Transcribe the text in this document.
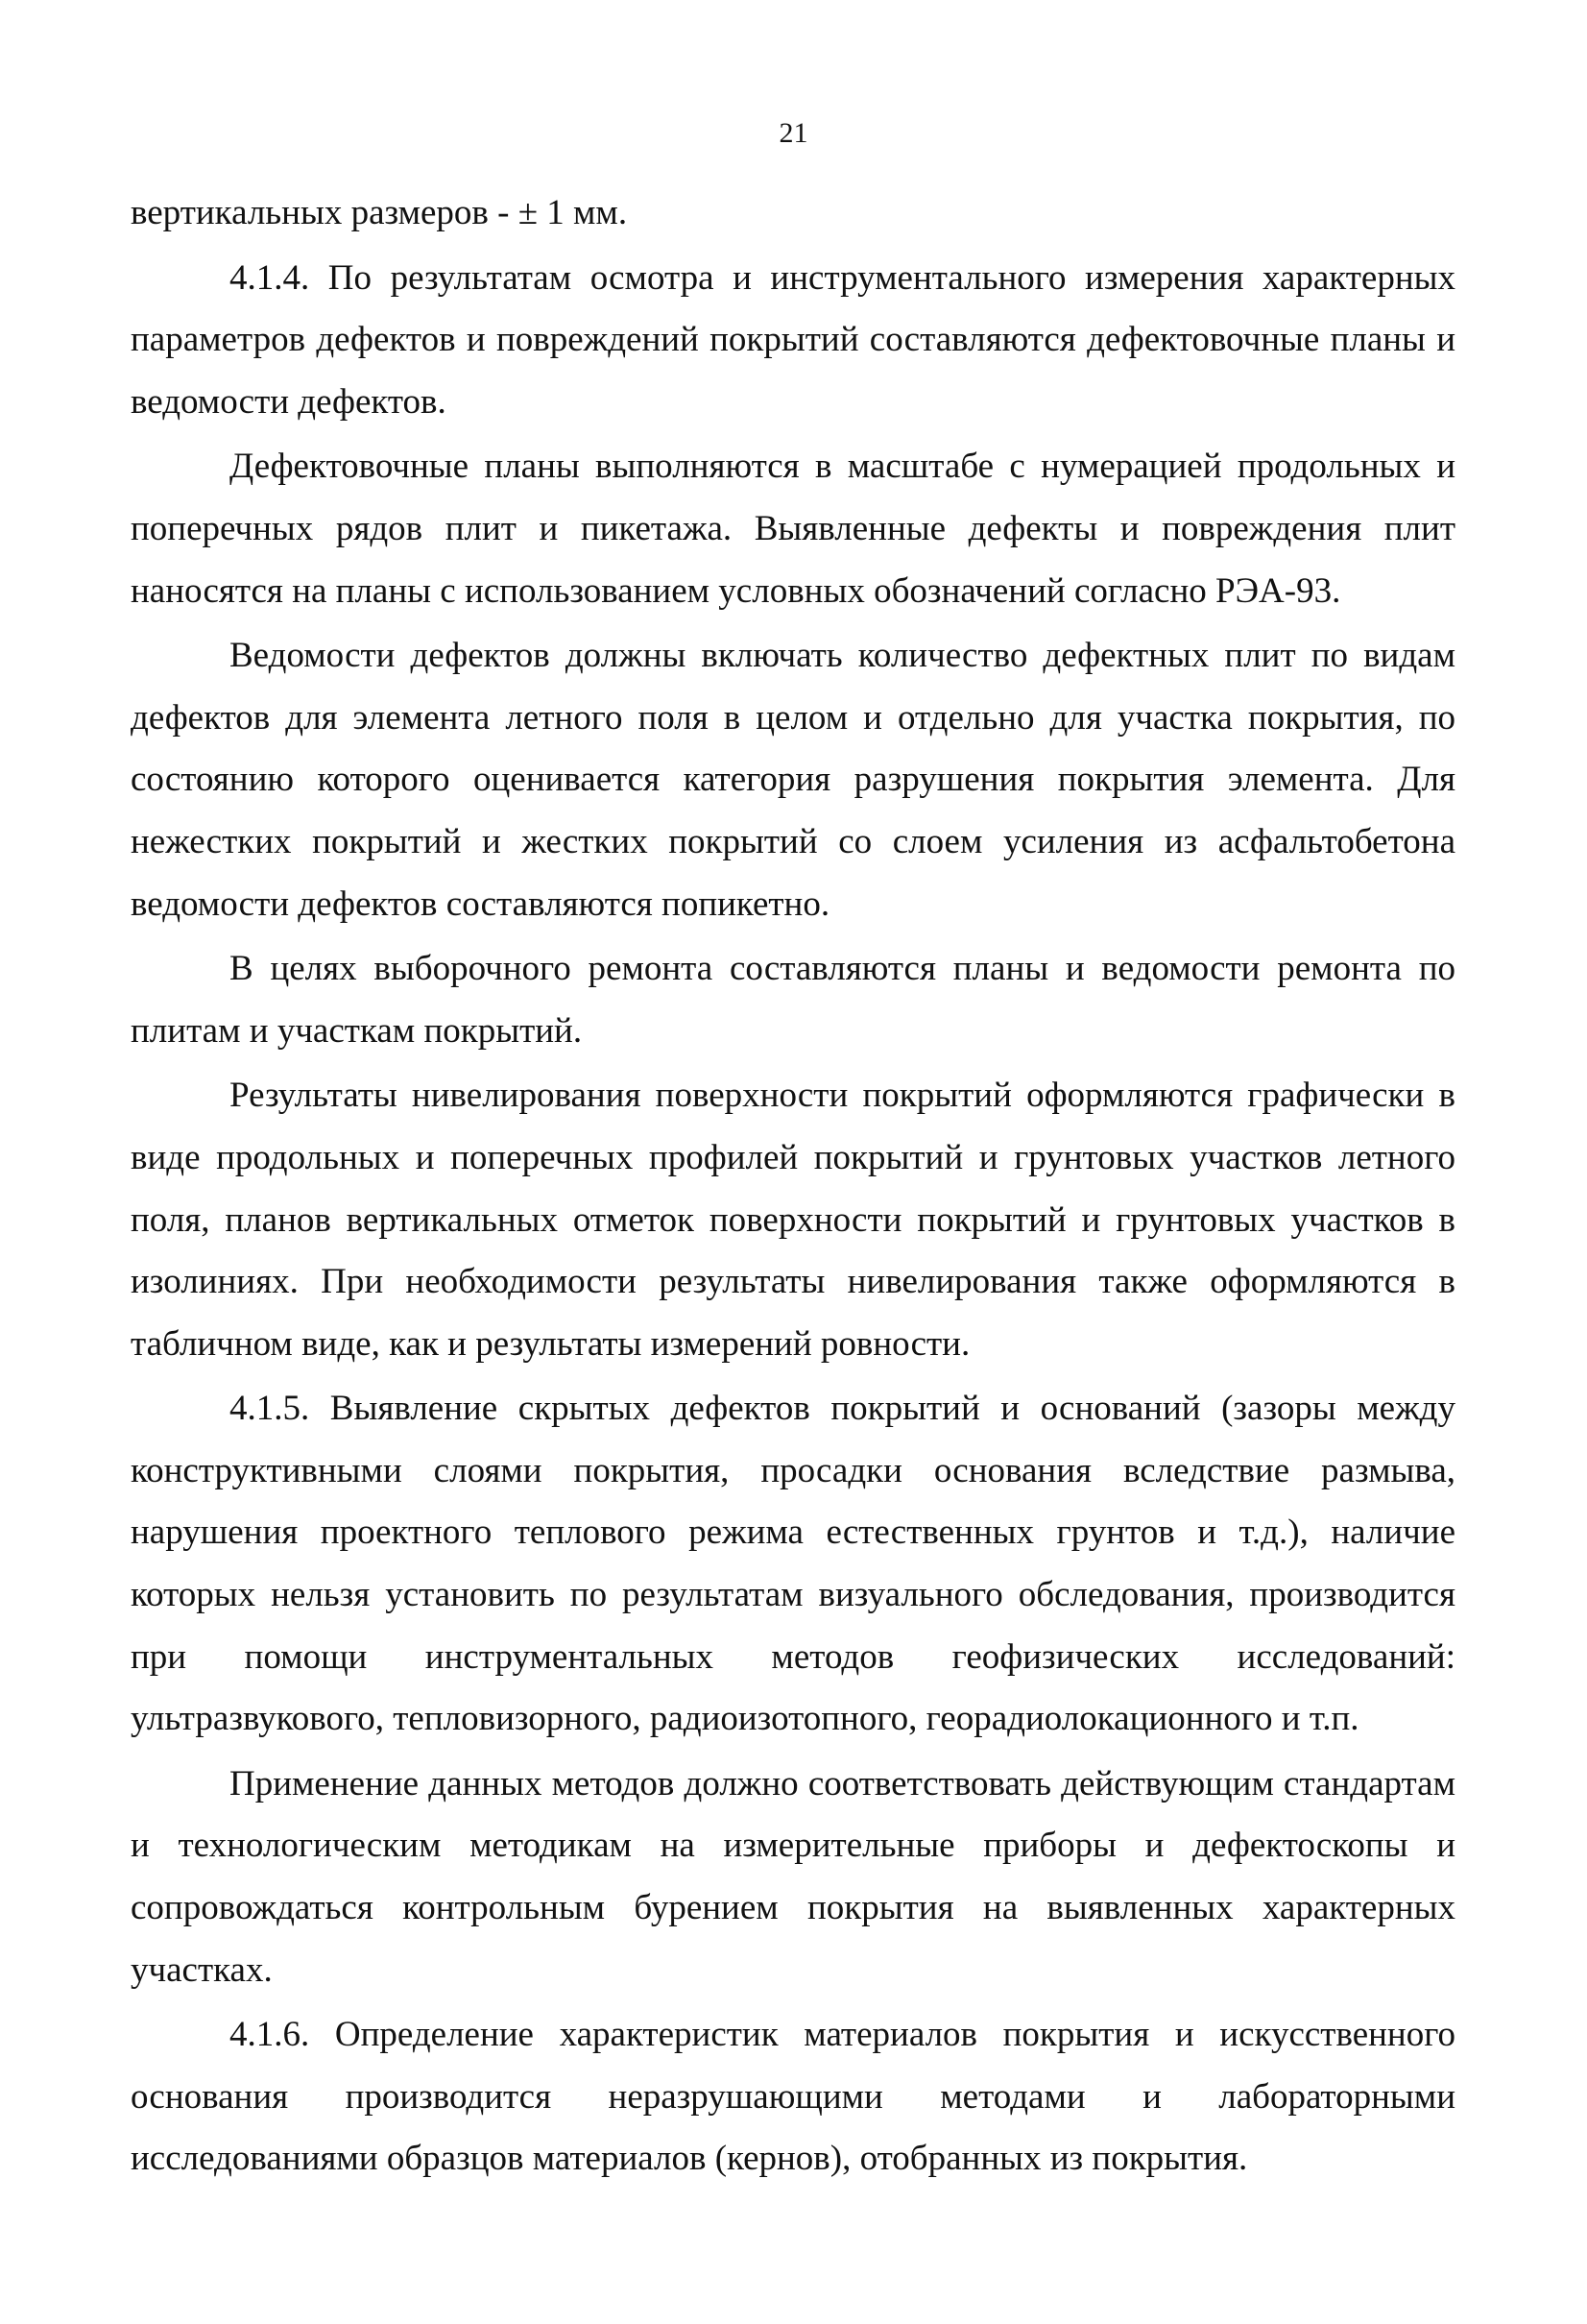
21

вертикальных размеров - ± 1 мм.

4.1.4. По результатам осмотра и инструментального измерения характерных параметров дефектов и повреждений покрытий составляются дефектовочные планы и ведомости дефектов.

Дефектовочные планы выполняются в масштабе с нумерацией продольных и поперечных рядов плит и пикетажа. Выявленные дефекты и повреждения плит наносятся на планы с использованием условных обозначений согласно РЭА-93.

Ведомости дефектов должны включать количество дефектных плит по видам дефектов для элемента летного поля в целом и отдельно для участка покрытия, по состоянию которого оценивается категория разрушения покрытия элемента. Для нежестких покрытий и жестких покрытий со слоем усиления из асфальтобетона ведомости дефектов составляются попикетно.

В целях выборочного ремонта составляются планы и ведомости ремонта по плитам и участкам покрытий.

Результаты нивелирования поверхности покрытий оформляются графически в виде продольных и поперечных профилей покрытий и грунтовых участков летного поля, планов вертикальных отметок поверхности покрытий и грунтовых участков в изолиниях. При необходимости результаты нивелирования также оформляются в табличном виде, как и результаты измерений ровности.

4.1.5. Выявление скрытых дефектов покрытий и оснований (зазоры между конструктивными слоями покрытия, просадки основания вследствие размыва, нарушения проектного теплового режима естественных грунтов и т.д.), наличие которых нельзя установить по результатам визуального обследования, производится при помощи инструментальных методов геофизических исследований: ультразвукового, тепловизорного, радиоизотопного, георадиолокационного и т.п.

Применение данных методов должно соответствовать действующим стандартам и технологическим методикам на измерительные приборы и дефектоскопы и сопровождаться контрольным бурением покрытия на выявленных характерных участках.

4.1.6. Определение характеристик материалов покрытия и искусственного основания производится неразрушающими методами и лабораторными исследованиями образцов материалов (кернов), отобранных из покрытия.
